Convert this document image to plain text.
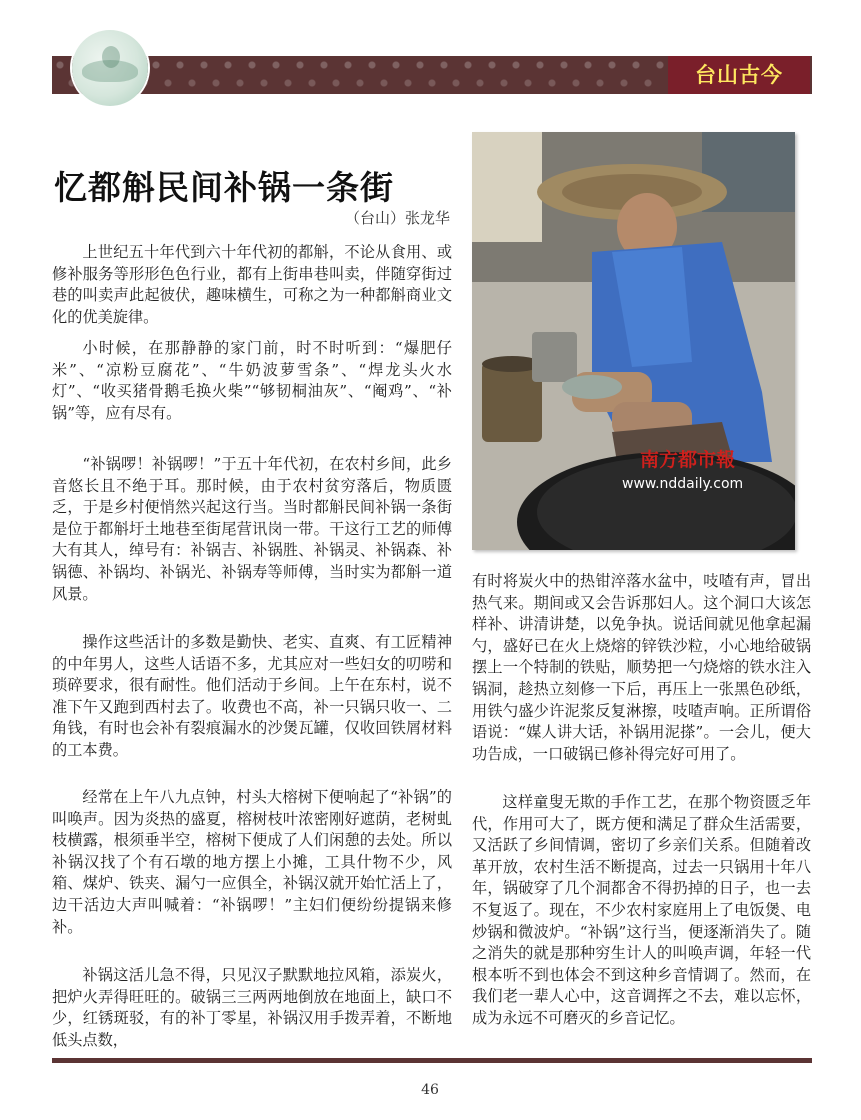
台山古今
忆都斛民间补锅一条街
（台山）张龙华

上世纪五十年代到六十年代初的都斛，不论从食用、或修补服务等形形色色行业，都有上街串巷叫卖，伴随穿街过巷的叫卖声此起彼伏，趣味横生，可称之为一种都斛商业文化的优美旋律。

小时候，在那静静的家门前，时不时听到：“爆肥仔米”、“凉粉豆腐花”、“牛奶波萝雪条”、“焊龙头火水灯”、“收买猪骨鹅毛换火柴”“够韧桐油灰”、“阉鸡”、“补锅”等，应有尽有。

“补锅啰！补锅啰！”于五十年代初，在农村乡间，此乡音悠长且不绝于耳。那时候，由于农村贫穷落后，物质匮乏，于是乡村便悄然兴起这行当。当时都斛民间补锅一条街是位于都斛圩土地巷至街尾营讯岗一带。干这行工艺的师傅大有其人，绰号有：补锅吉、补锅胜、补锅灵、补锅森、补锅德、补锅均、补锅光、补锅寿等师傅，当时实为都斛一道风景。

操作这些活计的多数是勤快、老实、直爽、有工匠精神的中年男人，这些人话语不多，尤其应对一些妇女的叨唠和琐碎要求，很有耐性。他们活动于乡间。上午在东村，说不准下午又跑到西村去了。收费也不高，补一只锅只收一、二角钱，有时也会补有裂痕漏水的沙煲瓦罐，仅收回铁屑材料的工本费。

经常在上午八九点钟，村头大榕树下便响起了“补锅”的叫唤声。因为炎热的盛夏，榕树枝叶浓密刚好遮荫，老树虬枝横露，根须垂半空，榕树下便成了人们闲憩的去处。所以补锅汉找了个有石墩的地方摆上小摊，工具什物不少，风箱、煤炉、铁夹、漏勺一应俱全，补锅汉就开始忙活上了，边干活边大声叫喊着：“补锅啰！”主妇们便纷纷提锅来修补。

补锅这活儿急不得，只见汉子默默地拉风箱，添炭火，把炉火弄得旺旺的。破锅三三两两地倒放在地面上，缺口不少，红锈斑驳，有的补丁零星，补锅汉用手拨弄着，不断地低头点数，

南方都市報
www.nddaily.com

有时将炭火中的热钳淬落水盆中，吱喳有声，冒出热气来。期间或又会告诉那妇人。这个洞口大该怎样补、讲清讲楚，以免争执。说话间就见他拿起漏勺，盛好已在火上烧熔的锌铁沙粒，小心地给破锅摆上一个特制的铁贴，顺势把一勺烧熔的铁水注入锅洞，趁热立刻修一下后，再压上一张黑色砂纸，用铁勺盛少许泥浆反复淋擦，吱喳声响。正所谓俗语说：“媒人讲大话，补锅用泥搽”。一会儿，便大功告成，一口破锅已修补得完好可用了。

这样童叟无欺的手作工艺，在那个物资匮乏年代，作用可大了，既方便和满足了群众生活需要，又活跃了乡间情调，密切了乡亲们关系。但随着改革开放，农村生活不断提高，过去一只锅用十年八年，锅破穿了几个洞都舍不得扔掉的日子，也一去不复返了。现在，不少农村家庭用上了电饭煲、电炒锅和微波炉。“补锅”这行当，便逐渐消失了。随之消失的就是那种穷生计人的叫唤声调，年轻一代根本听不到也体会不到这种乡音情调了。然而，在我们老一辈人心中，这音调挥之不去，难以忘怀，成为永远不可磨灭的乡音记忆。

46
